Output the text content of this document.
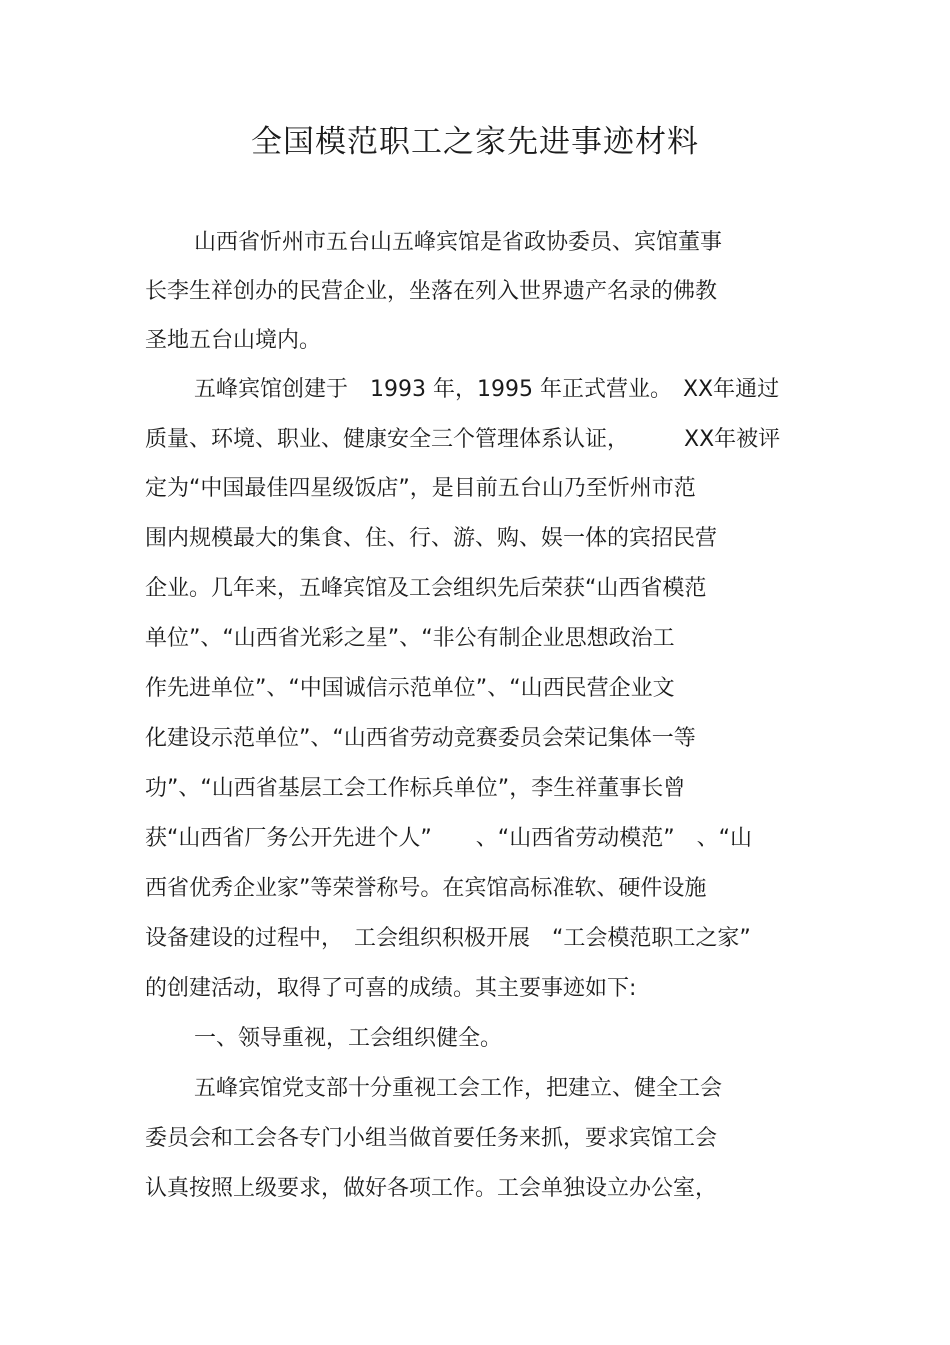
全国模范职工之家先进事迹材料
山西省忻州市五台山五峰宾馆是省政协委员、宾馆董事
长李生祥创办的民营企业，坐落在列入世界遗产名录的佛教
圣地五台山境内。
五峰宾馆创建于　1993 年，1995 年正式营业。　XX年通过
质量、环境、职业、健康安全三个管理体系认证，　　　XX年被评
定为“中国最佳四星级饭店”，是目前五台山乃至忻州市范
围内规模最大的集食、住、行、游、购、娱一体的宾招民营
企业。几年来，五峰宾馆及工会组织先后荣获“山西省模范
单位”、“山西省光彩之星”、“非公有制企业思想政治工
作先进单位”、“中国诚信示范单位”、“山西民营企业文
化建设示范单位”、“山西省劳动竞赛委员会荣记集体一等
功”、“山西省基层工会工作标兵单位”，李生祥董事长曾
获“山西省厂务公开先进个人”　　、“山西省劳动模范”　、“山
西省优秀企业家”等荣誉称号。在宾馆高标准软、硬件设施
设备建设的过程中，　工会组织积极开展　“工会模范职工之家”
的创建活动，取得了可喜的成绩。其主要事迹如下:
一、领导重视，工会组织健全。
五峰宾馆党支部十分重视工会工作，把建立、健全工会
委员会和工会各专门小组当做首要任务来抓，要求宾馆工会
认真按照上级要求，做好各项工作。工会单独设立办公室，
